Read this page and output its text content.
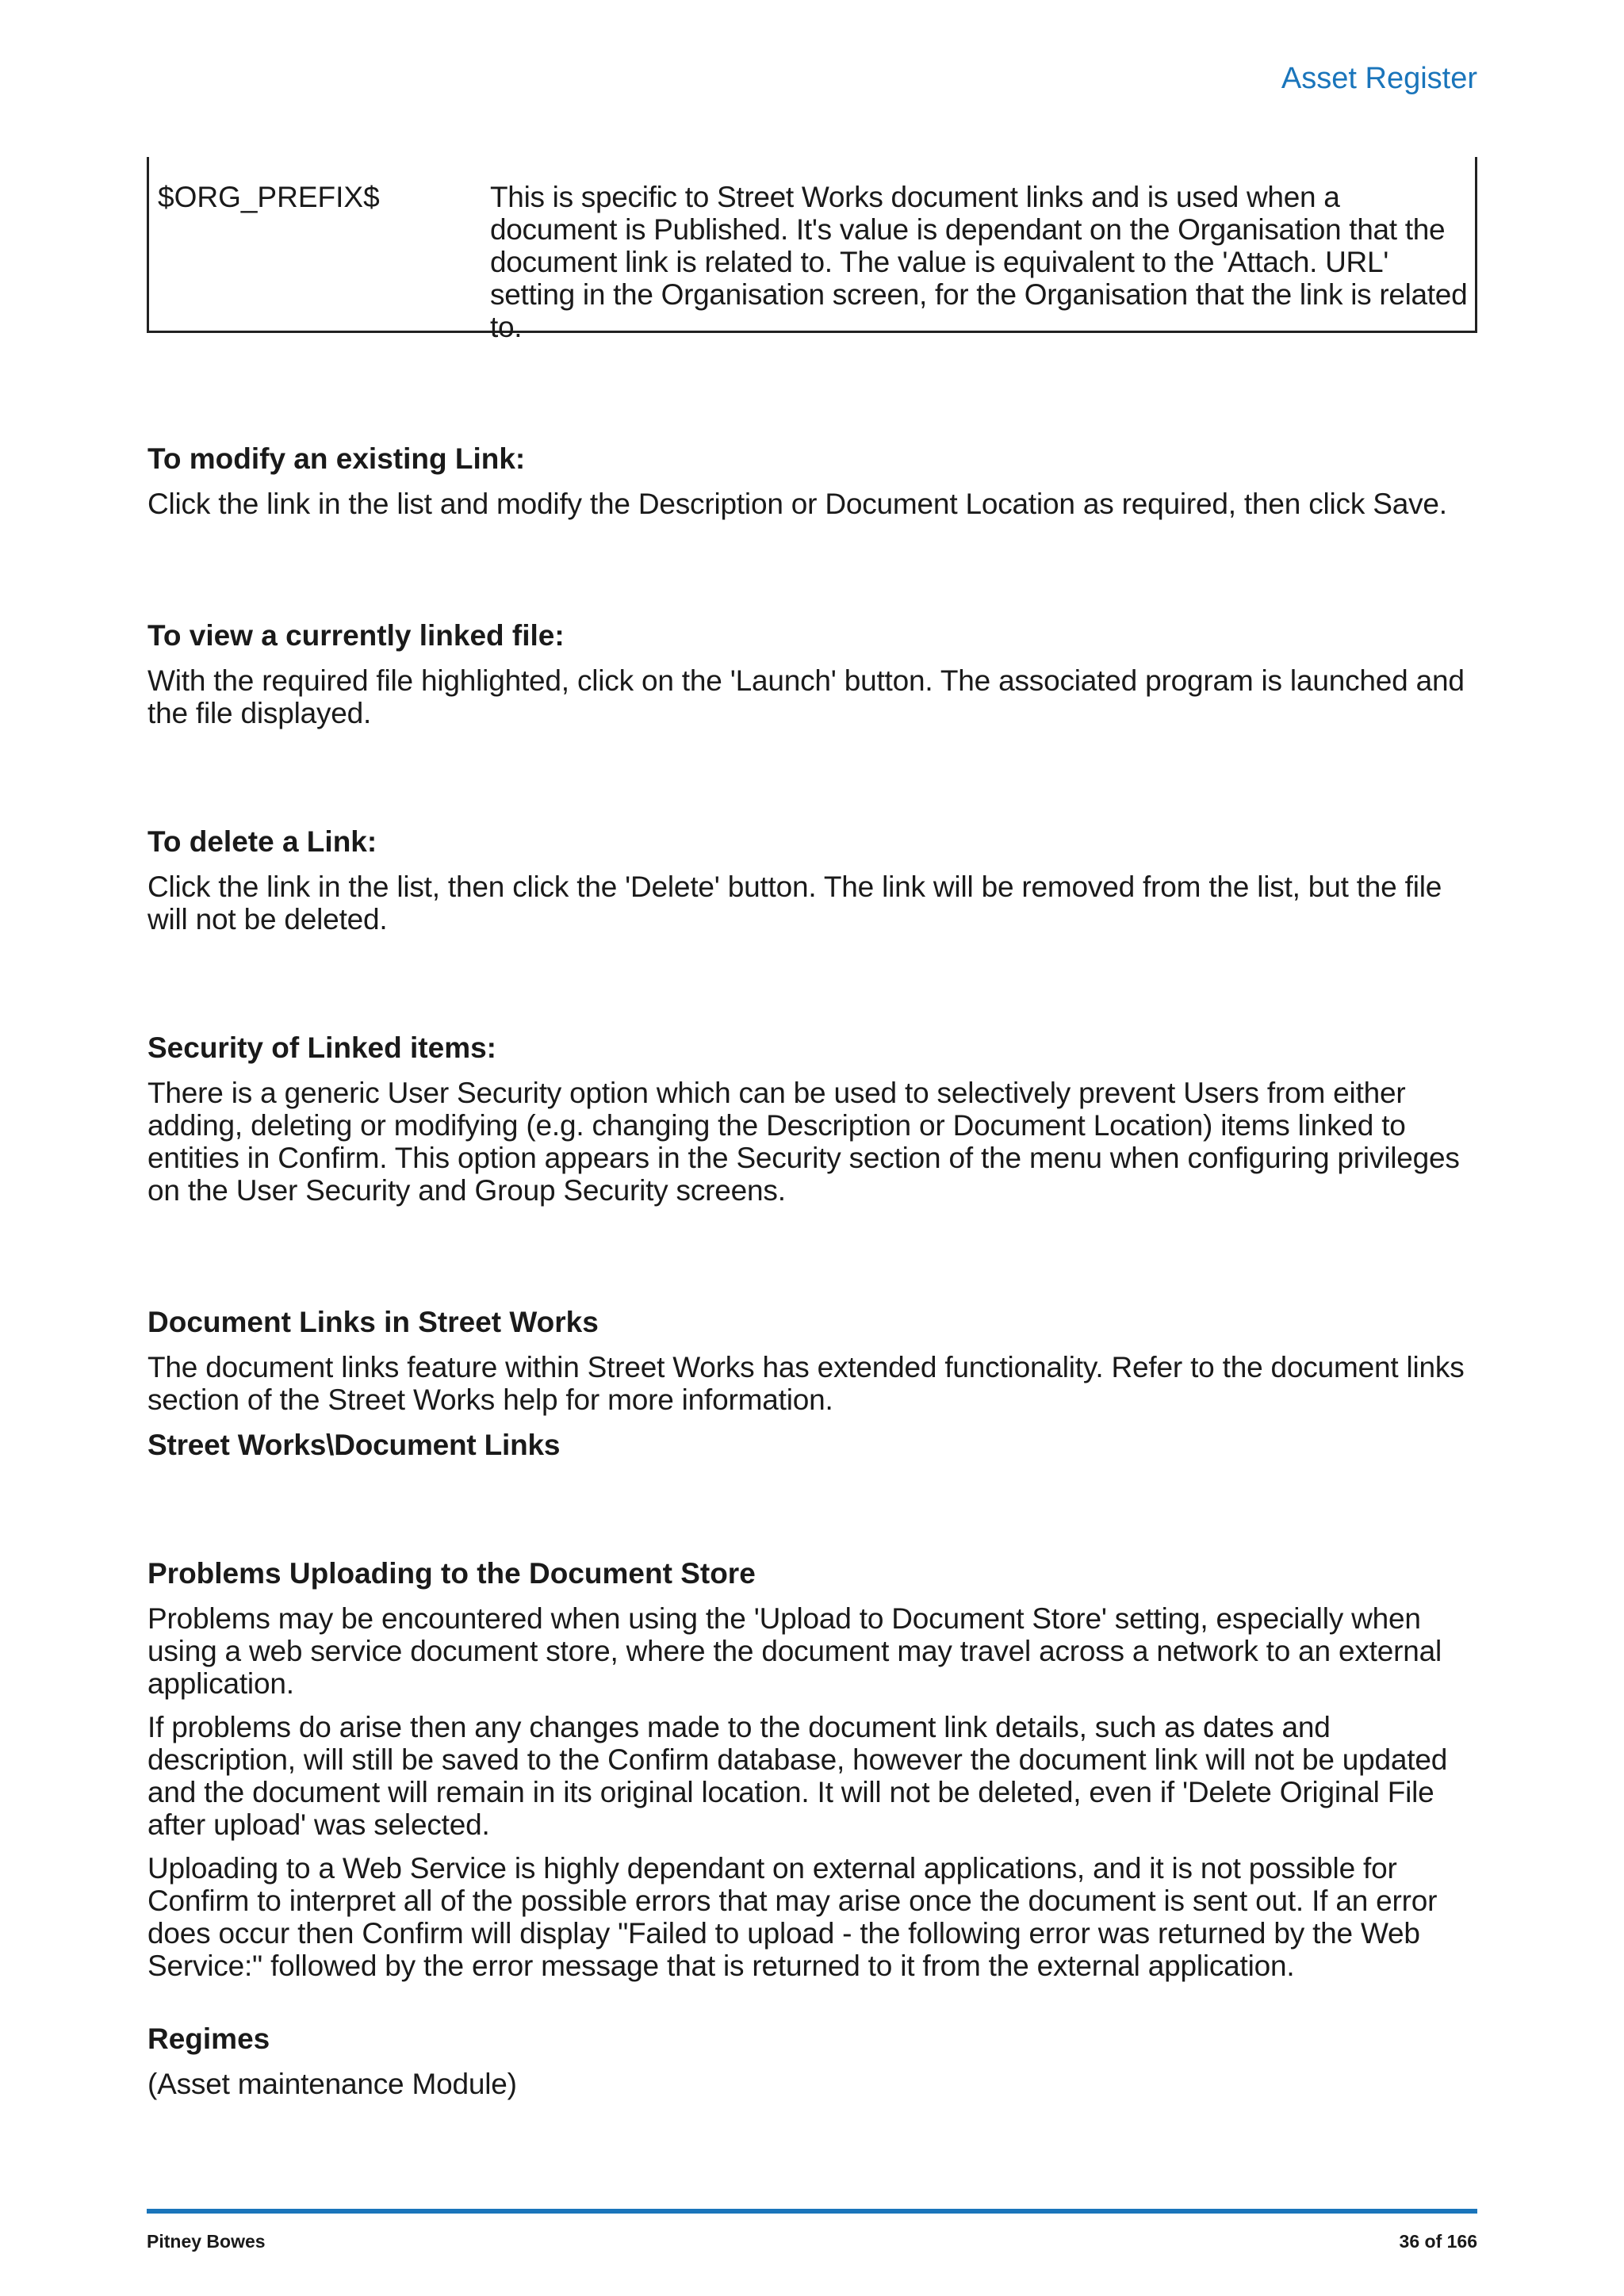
Asset Register
$ORG_PREFIX$	This is specific to Street Works document links and is used when a document is Published. It's value is dependant on the Organisation that the document link is related to. The value is equivalent to the 'Attach. URL' setting in the Organisation screen, for the Organisation that the link is related to.
To modify an existing Link:

Click the link in the list and modify the Description or Document Location as required, then click Save.

To view a currently linked file:

With the required file highlighted, click on the 'Launch' button. The associated program is launched and the file displayed.

To delete a Link:

Click the link in the list, then click the 'Delete' button. The link will be removed from the list, but the file will not be deleted.

Security of Linked items:

There is a generic User Security option which can be used to selectively prevent Users from either adding, deleting or modifying (e.g. changing the Description or Document Location) items linked to entities in Confirm. This option appears in the Security section of the menu when configuring privileges on the User Security and Group Security screens.

Document Links in Street Works

The document links feature within Street Works has extended functionality. Refer to the document links section of the Street Works help for more information.

Street Works\Document Links

Problems Uploading to the Document Store

Problems may be encountered when using the 'Upload to Document Store' setting, especially when using a web service document store, where the document may travel across a network to an external application.

If problems do arise then any changes made to the document link details, such as dates and description, will still be saved to the Confirm database, however the document link will not be updated and the document will remain in its original location. It will not be deleted, even if 'Delete Original File after upload' was selected.

Uploading to a Web Service is highly dependant on external applications, and it is not possible for Confirm to interpret all of the possible errors that may arise once the document is sent out. If an error does occur then Confirm will display "Failed to upload - the following error was returned by the Web Service:" followed by the error message that is returned to it from the external application.

Regimes

(Asset maintenance Module)

Pitney Bowes	36 of 166
